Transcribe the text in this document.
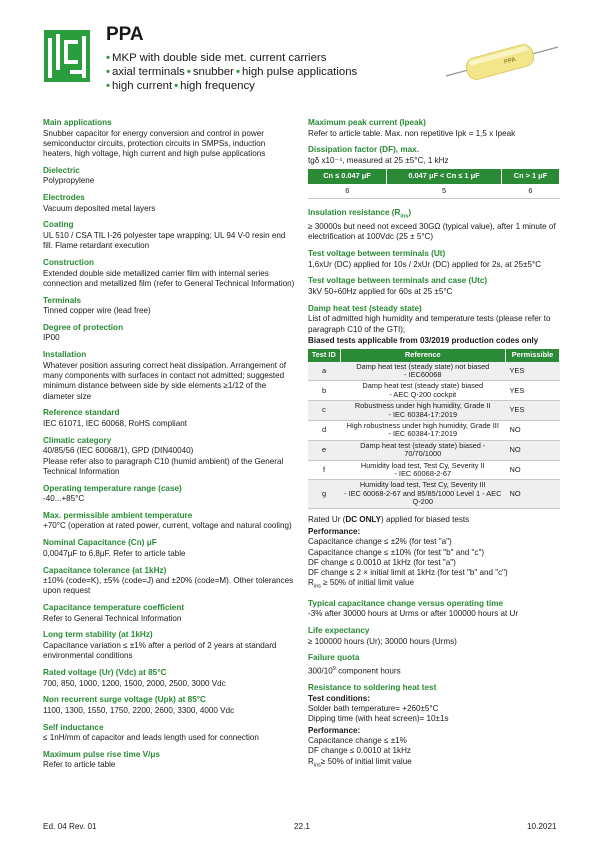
PPA
• MKP with double side met. current carriers
• axial terminals • snubber • high pulse applications
• high current • high frequency
PPA
Main applications
Snubber capacitor for energy conversion and control in power semiconductor circuits, protection circuits in SMPSs, induction heaters, high voltage, high current and high pulse applications
Dielectric
Polypropylene
Electrodes
Vacuum deposited metal layers
Coating
UL 510 / CSA TIL I-26 polyester tape wrapping; UL 94 V-0 resin end fill. Flame retardant execution
Construction
Extended double side metallized carrier film with internal series connection and metallized film (refer to General Technical Information)
Terminals
Tinned copper wire (lead free)
Degree of protection
IP00
Installation
Whatever position assuring correct heat dissipation. Arrangement of many components with surfaces in contact not admitted; suggested minimum distance between side by side elements ≥1/12 of the diameter size
Reference standard
IEC 61071, IEC 60068, RoHS compliant
Climatic category
40/85/56 (IEC 60068/1), GPD (DIN40040)
Please refer also to paragraph C10 (humid ambient) of the General Technical Information
Operating temperature range (case)
-40...+85°C
Max. permissible ambient temperature
+70°C (operation at rated power, current, voltage and natural cooling)
Nominal Capacitance (Cn) μF
0,0047μF to 6,8μF. Refer to article table
Capacitance tolerance (at 1kHz)
±10% (code=K), ±5% (code=J) and ±20% (code=M). Other tolerances upon request
Capacitance temperature coefficient
Refer to General Technical Information
Long term stability (at 1kHz)
Capacitance variation ≤ ±1% after a period of 2 years at standard environmental conditions
Rated voltage (Ur) (Vdc) at 85°C
700, 850, 1000, 1200, 1500, 2000, 2500, 3000 Vdc
Non recurrent surge voltage (Upk) at 85°C
1100, 1300, 1550, 1750, 2200, 2600, 3300, 4000 Vdc
Self inductance
≤ 1nH/mm of capacitor and leads length used for connection
Maximum pulse rise time V/μs
Refer to article table
Maximum peak current (Ipeak)
Refer to article table. Max. non repetitive Ipk = 1,5 x Ipeak
Dissipation factor (DF), max.
tgδ x10⁻⁴, measured at 25 ±5°C, 1 kHz
Cn ≤ 0.047 μF	0.047 μF < Cn ≤ 1 μF	Cn > 1 μF
6	5	6
Insulation resistance $(R_{ins})$
≥ 30000s but need not exceed 30GΩ (typical value), after 1 minute of electrification at 100Vdc (25 ± 5°C)
Test voltage between terminals (Ut)
1,6xUr (DC) applied for 10s / 2xUr (DC) applied for 2s, at 25±5°C
Test voltage between terminals and case (Utc)
3kV 50÷60Hz applied for 60s at 25 ±5°C
Damp heat test (steady state)
List of admitted high humidity and temperature tests (please refer to paragraph C10 of the GTI);
Biased tests applicable from 03/2019 production codes only
Test ID	Reference	Permissible
a	Damp heat test (steady state) not biased
- IEC60068	YES
b	Damp heat test (steady state) biased
- AEC Q-200 cockpit	YES
c	Robustness under high humidity, Grade II
- IEC 60384-17:2019	YES
d	High robustness under high humidity, Grade III
- IEC 60384-17:2019	NO
e	Damp heat test (steady state) biased - 70/70/1000	NO
f	Humidity load test, Test Cy, Severity II
- IEC 60068-2-67	NO
g	Humidity load test, Test Cy, Severity III
- IEC 60068-2-67 and 85/85/1000 Level 1 - AEC Q-200	NO
Rated Ur (DC ONLY) applied for biased tests
Performance:
Capacitance change ≤ ±2% (for test "a")
Capacitance change ≤ ±10% (for test "b" and "c")
DF change ≤ 0.0010 at 1kHz (for test "a")
DF change ≤ 2 × initial limit at 1kHz (for test "b" and "c")
$R_{ins} \ge 50\%$ of initial limit value
Typical capacitance change versus operating time
-3% after 30000 hours at Urms or after 100000 hours at Ur
Life expectancy
≥ 100000 hours (Ur); 30000 hours (Urms)
Failure quota
$300/10^9$ component hours
Resistance to soldering heat test
Test conditions:
Solder bath temperature= +260±5°C
Dipping time (with heat screen)= 10±1s
Performance:
Capacitance change ≤ ±1%
DF change ≤ 0.0010 at 1kHz
$R_{ins}\ge 50\%$ of initial limit value
Ed. 04 Rev. 01	22.1	10.2021
